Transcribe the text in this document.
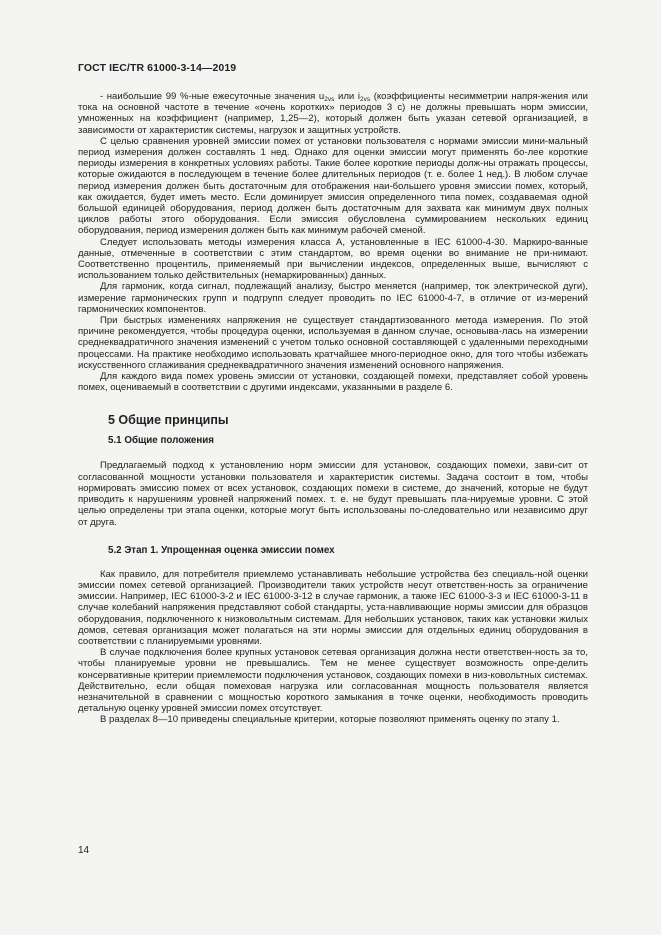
ГОСТ IEC/TR 61000-3-14—2019

- наибольшие 99 %-ные ежесуточные значения $u_{2vs}$ или $i_{2vs}$ (коэффициенты несимметрии напря-жения или тока на основной частоте в течение «очень коротких» периодов 3 с) не должны превышать норм эмиссии, умноженных на коэффициент (например, 1,25—2), который должен быть указан сетевой организацией, в зависимости от характеристик системы, нагрузок и защитных устройств.

С целью сравнения уровней эмиссии помех от установки пользователя с нормами эмиссии мини-мальный период измерения должен составлять 1 нед. Однако для оценки эмиссии могут применять бо-лее короткие периоды измерения в конкретных условиях работы. Такие более короткие периоды долж-ны отражать процессы, которые ожидаются в последующем в течение более длительных периодов (т. е. более 1 нед.). В любом случае период измерения должен быть достаточным для отображения наи-большего уровня эмиссии помех, который, как ожидается, будет иметь место. Если доминирует эмиссия определенного типа помех, создаваемая одной большой единицей оборудования, период должен быть достаточным для захвата как минимум двух полных циклов работы этого оборудования. Если эмиссия обусловлена суммированием нескольких единиц оборудования, период измерения должен быть как минимум рабочей сменой.

Следует использовать методы измерения класса А, установленные в IEC 61000-4-30. Маркиро-ванные данные, отмеченные в соответствии с этим стандартом, во время оценки во внимание не при-нимают. Соответственно процентиль, применяемый при вычислении индексов, определенных выше, вычисляют с использованием только действительных (немаркированных) данных.

Для гармоник, когда сигнал, подлежащий анализу, быстро меняется (например, ток электрической дуги), измерение гармонических групп и подгрупп следует проводить по IEC 61000-4-7, в отличие от из-мерений гармонических компонентов.

При быстрых изменениях напряжения не существует стандартизованного метода измерения. По этой причине рекомендуется, чтобы процедура оценки, используемая в данном случае, основыва-лась на измерении среднеквадратичного значения изменений с учетом только основной составляющей с удаленными переходными процессами. На практике необходимо использовать кратчайшее много-периодное окно, для того чтобы избежать искусственного сглаживания среднеквадратичного значения изменений основного напряжения.

Для каждого вида помех уровень эмиссии от установки, создающей помехи, представляет собой уровень помех, оцениваемый в соответствии с другими индексами, указанными в разделе 6.

5 Общие принципы
5.1 Общие положения

Предлагаемый подход к установлению норм эмиссии для установок, создающих помехи, зави-сит от согласованной мощности установки пользователя и характеристик системы. Задача состоит в том, чтобы нормировать эмиссию помех от всех установок, создающих помехи в системе, до значений, которые не будут приводить к нарушениям уровней напряжений помех. т. е. не будут превышать пла-нируемые уровни. С этой целью определены три этапа оценки, которые могут быть использованы по-следовательно или независимо друг от друга.

5.2 Этап 1. Упрощенная оценка эмиссии помех

Как правило, для потребителя приемлемо устанавливать небольшие устройства без специаль-ной оценки эмиссии помех сетевой организацией. Производители таких устройств несут ответствен-ность за ограничение эмиссии. Например, IEC 61000-3-2 и IEC 61000-3-12 в случае гармоник, а также IEC 61000-3-3 и IEC 61000-3-11 в случае колебаний напряжения представляют собой стандарты, уста-навливающие нормы эмиссии для образцов оборудования, подключенного к низковольтным системам. Для небольших установок, таких как установки жилых домов, сетевая организация может полагаться на эти нормы эмиссии для отдельных единиц оборудования в соответствии с планируемыми уровнями.

В случае подключения более крупных установок сетевая организация должна нести ответствен-ность за то, чтобы планируемые уровни не превышались. Тем не менее существует возможность опре-делить консервативные критерии приемлемости подключения установок, создающих помехи в низ-ковольтных системах. Действительно, если общая помеховая нагрузка или согласованная мощность пользователя является незначительной в сравнении с мощностью короткого замыкания в точке оценки, необходимость проводить детальную оценку уровней эмиссии помех отсутствует.

В разделах 8—10 приведены специальные критерии, которые позволяют применять оценку по этапу 1.

14
